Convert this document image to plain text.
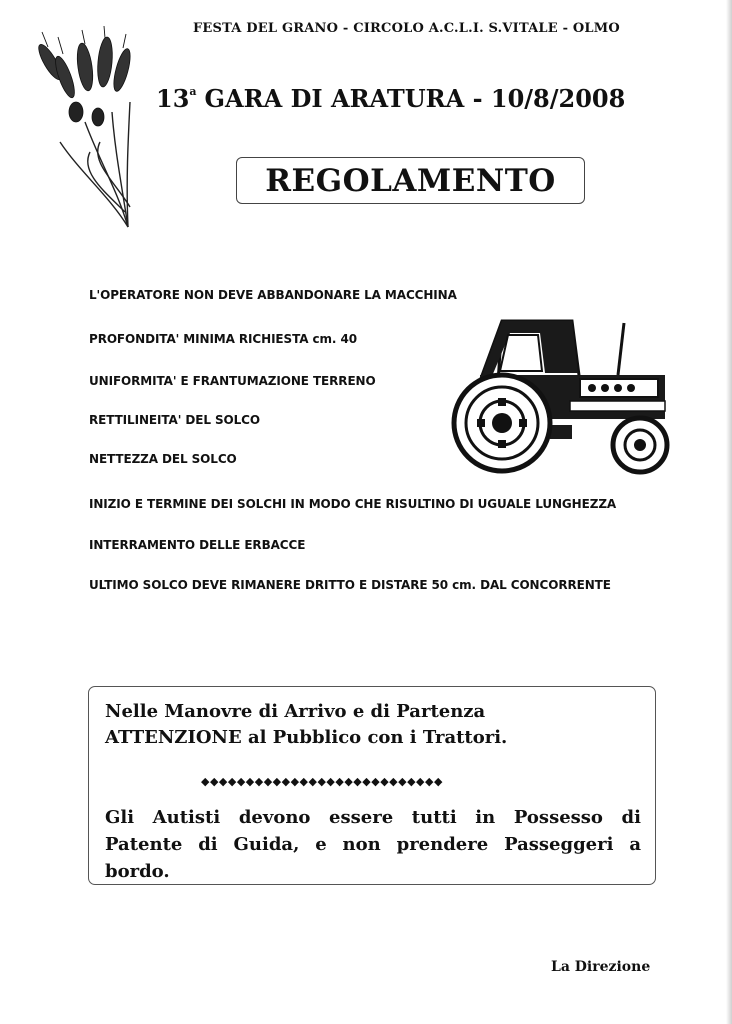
FESTA DEL GRANO - CIRCOLO A.C.L.I. S.VITALE - OLMO
13$^a$ GARA DI ARATURA - 10/8/2008
REGOLAMENTO
L'OPERATORE NON DEVE ABBANDONARE LA MACCHINA
PROFONDITA' MINIMA RICHIESTA cm. 40
UNIFORMITA' E FRANTUMAZIONE TERRENO
RETTILINEITA' DEL SOLCO
NETTEZZA DEL SOLCO
INIZIO E TERMINE DEI SOLCHI IN MODO CHE RISULTINO DI UGUALE LUNGHEZZA
INTERRAMENTO DELLE ERBACCE
ULTIMO SOLCO DEVE RIMANERE DRITTO E DISTARE 50 cm. DAL CONCORRENTE
Nelle Manovre di Arrivo e di Partenza
ATTENZIONE al Pubblico con i Trattori.
◆◆◆◆◆◆◆◆◆◆◆◆◆◆◆◆◆◆◆◆◆◆◆◆◆◆◆
Gli Autisti devono essere tutti in Possesso di Patente di Guida, e non prendere Passeggeri a bordo.
La Direzione
